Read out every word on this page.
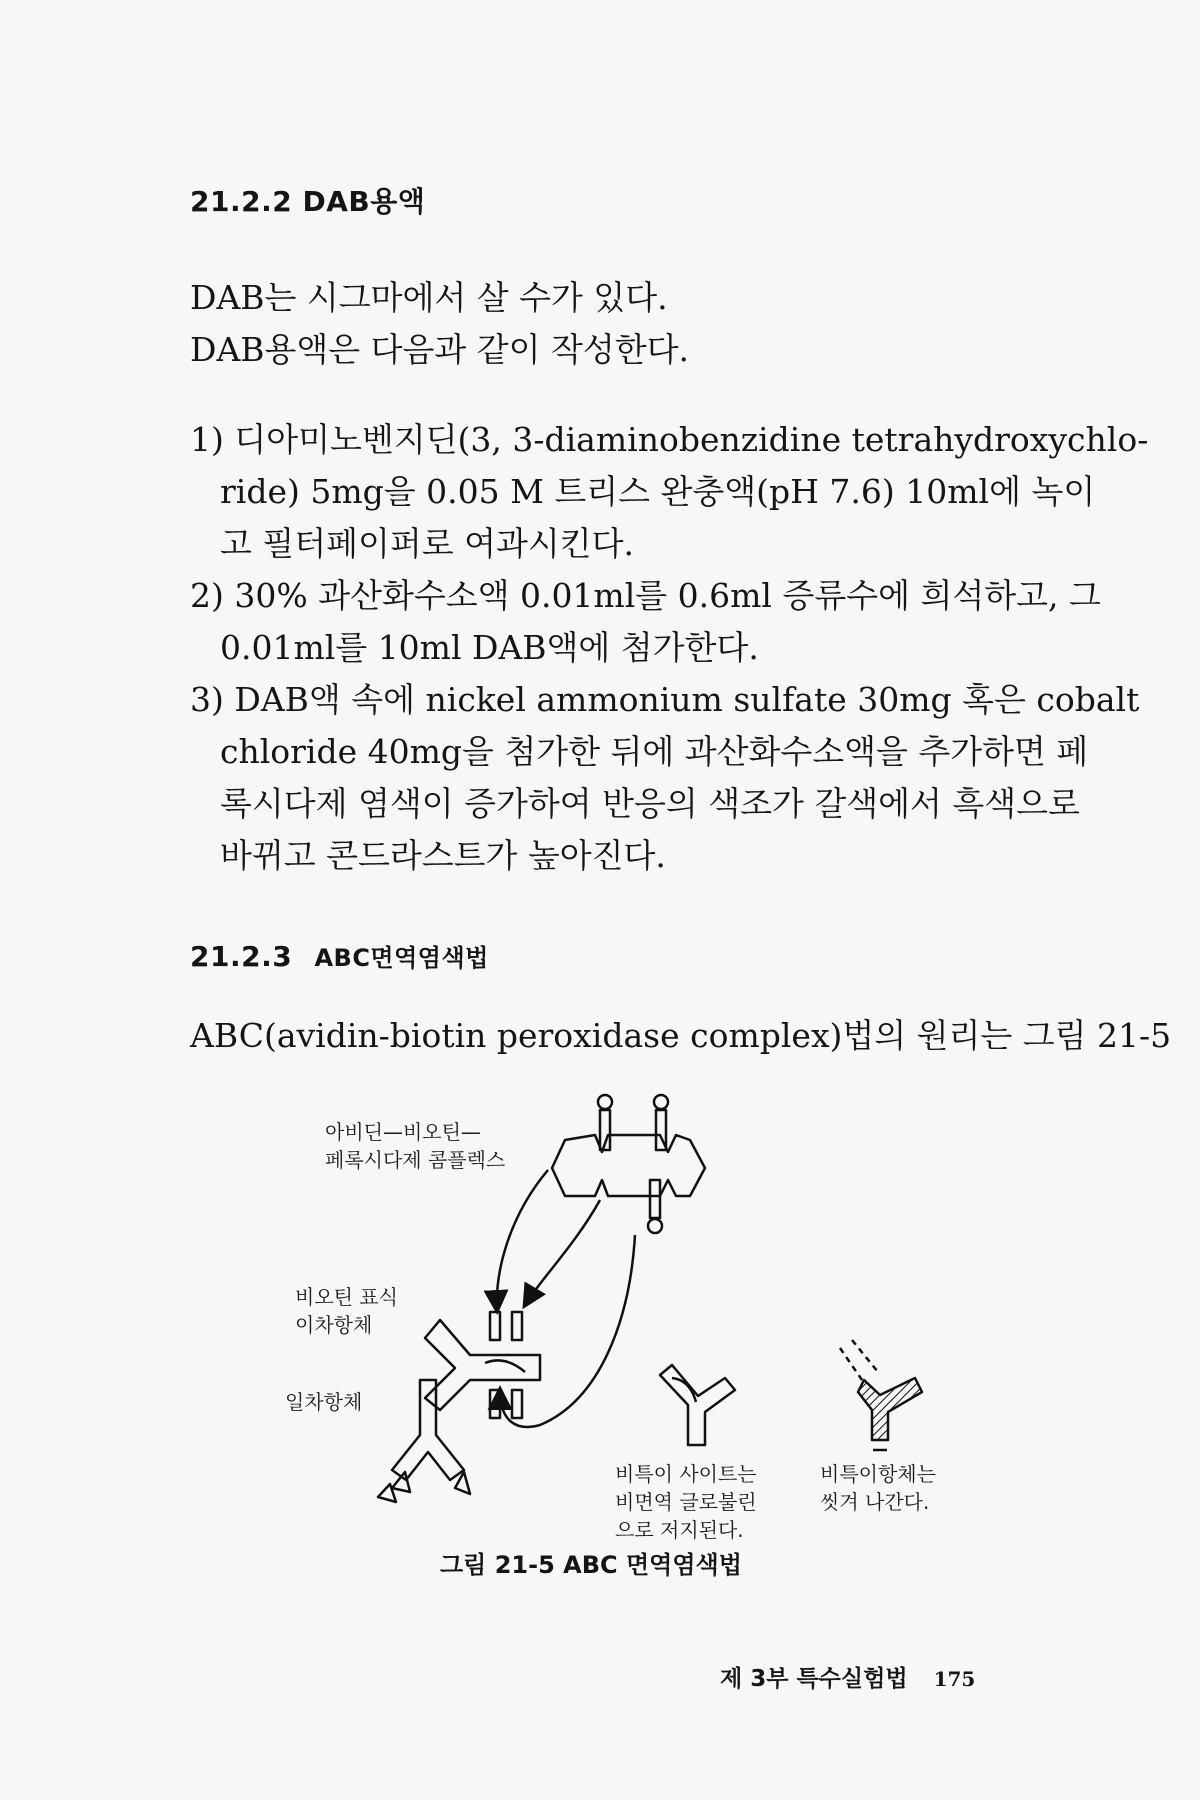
21.2.2 DAB용액
DAB는 시그마에서 살 수가 있다.
DAB용액은 다음과 같이 작성한다.
1) 디아미노벤지딘(3, 3-diaminobenzidine tetrahydroxychlo-
ride) 5mg을 0.05 M 트리스 완충액(pH 7.6) 10ml에 녹이
고 필터페이퍼로 여과시킨다.
2) 30% 과산화수소액 0.01ml를 0.6ml 증류수에 희석하고, 그
0.01ml를 10ml DAB액에 첨가한다.
3) DAB액 속에 nickel ammonium sulfate 30mg 혹은 cobalt
chloride 40mg을 첨가한 뒤에 과산화수소액을 추가하면 페
록시다제 염색이 증가하여 반응의 색조가 갈색에서 흑색으로
바뀌고 콘드라스트가 높아진다.
21.2.3 ABC면역염색법
ABC(avidin-biotin peroxidase complex)법의 원리는 그림 21-5
아비딘—비오틴—
페록시다제 콤플렉스
비오틴 표식
이차항체
일차항체
비특이 사이트는
비면역 글로불린
으로 저지된다.
비특이항체는
씻겨 나간다.
그림 21-5 ABC 면역염색법
제 3부 특수실험법 175
